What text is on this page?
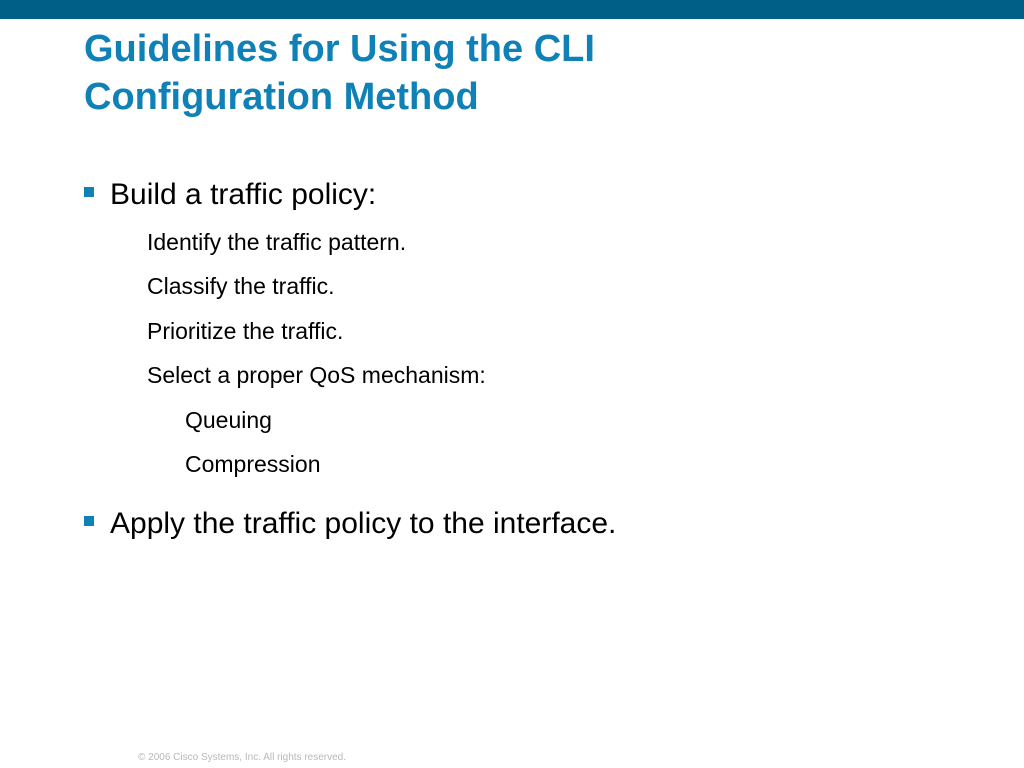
Guidelines for Using the CLI
Configuration Method
Build a traffic policy:
Identify the traffic pattern.
Classify the traffic.
Prioritize the traffic.
Select a proper QoS mechanism:
Queuing
Compression
Apply the traffic policy to the interface.
© 2006 Cisco Systems, Inc. All rights reserved.
